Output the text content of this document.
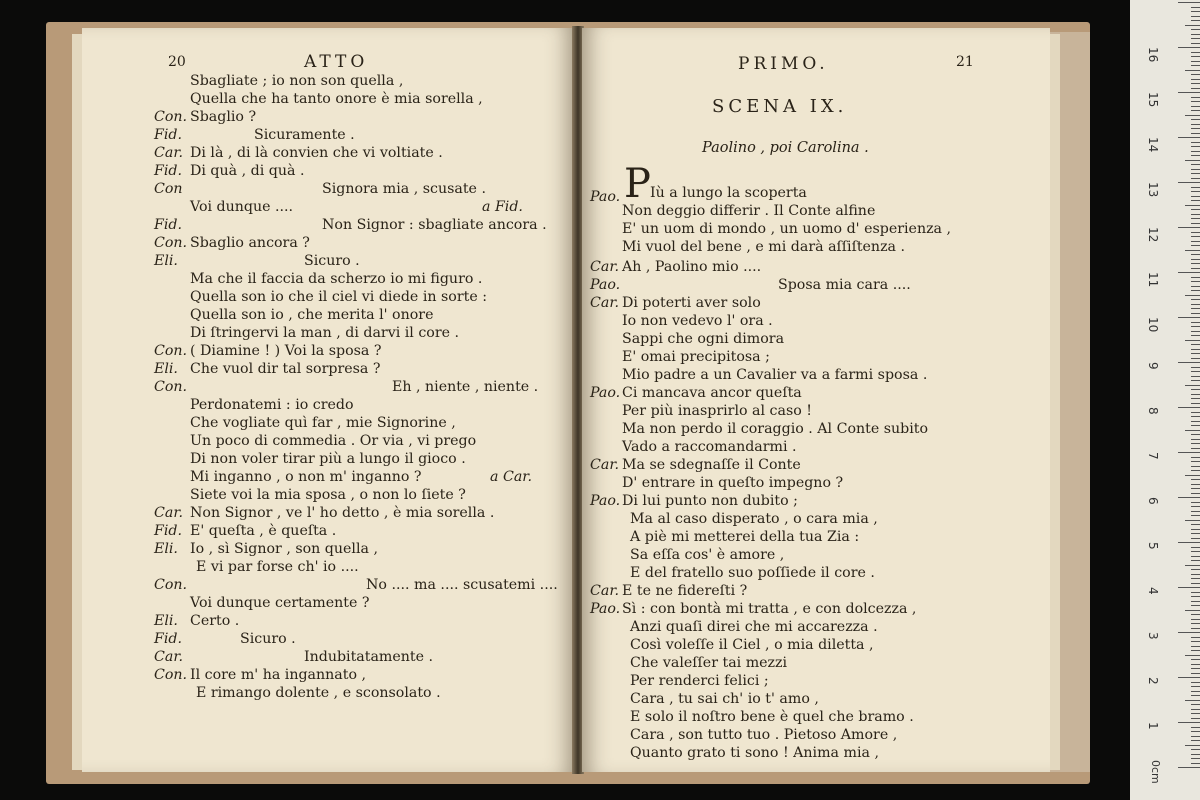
20	ATTO
Sbagliate ; io non son quella ,
Quella che ha tanto onore è mia sorella ,
Con. Sbaglio ?
Fid.	Sicuramente .
Car. Di là , di là convien che vi voltiate .
Fid. Di quà , di quà .
Con	Signora mia , scusate .
Voi dunque ....	a Fid.
Fid.	Non Signor : sbagliate ancora .
Con. Sbaglio ancora ?
Eli.	Sicuro .
Ma che il faccia da scherzo io mi figuro .
Quella son io che il ciel vi diede in sorte :
Quella son io , che merita l' onore
Di ſtringervi la man , di darvi il core .
Con. ( Diamine ! ) Voi la sposa ?
Eli. Che vuol dir tal sorpresa ?
Con.	Eh , niente , niente .
Perdonatemi : io credo
Che vogliate quì far , mie Signorine ,
Un poco di commedia . Or via , vi prego
Di non voler tirar più a lungo il gioco .
Mi inganno , o non m' inganno ?	a Car.
Siete voi la mia sposa , o non lo ſiete ?
Car. Non Signor , ve l' ho detto , è mia sorella .
Fid. E' queſta , è queſta .
Eli. Io , sì Signor , son quella ,
E vi par forse ch' io ....
Con.	No .... ma .... scusatemi ....
Voi dunque certamente ?
Eli. Certo .
Fid.	Sicuro .
Car.	Indubitatamente .
Con. Il core m' ha ingannato ,
E rimango dolente , e sconsolato .
PRIMO.	21
SCENA IX.
Paolino , poi Carolina .
Pao. P Iù a lungo la scoperta
Non deggio differir . Il Conte alfine
E' un uom di mondo , un uomo d' esperienza ,
Mi vuol del bene , e mi darà aſſiſtenza .
Car. Ah , Paolino mio ....
Pao.	Sposa mia cara ....
Car. Di poterti aver solo
Io non vedevo l' ora .
Sappi che ogni dimora
E' omai precipitosa ;
Mio padre a un Cavalier va a farmi sposa .
Pao. Ci mancava ancor queſta
Per più inasprirlo al caso !
Ma non perdo il coraggio . Al Conte subito
Vado a raccomandarmi .
Car. Ma se sdegnaſſe il Conte
D' entrare in queſto impegno ?
Pao. Di lui punto non dubito ;
Ma al caso disperato , o cara mia ,
A piè mi metterei della tua Zia :
Sa eſſa cos' è amore ,
E del fratello suo poſſiede il core .
Car. E te ne fidereſti ?
Pao. Sì : con bontà mi tratta , e con dolcezza ,
Anzi quaſi direi che mi accarezza .
Così voleſſe il Ciel , o mia diletta ,
Che valeſſer tai mezzi
Per renderci felici ;
Cara , tu sai ch' io t' amo ,
E solo il noſtro bene è quel che bramo .
Cara , son tutto tuo . Pietoso Amore ,
Quanto grato ti sono ! Anima mia ,
0cm
1
2
3
4
5
6
7
8
9
10
11
12
13
14
15
16
